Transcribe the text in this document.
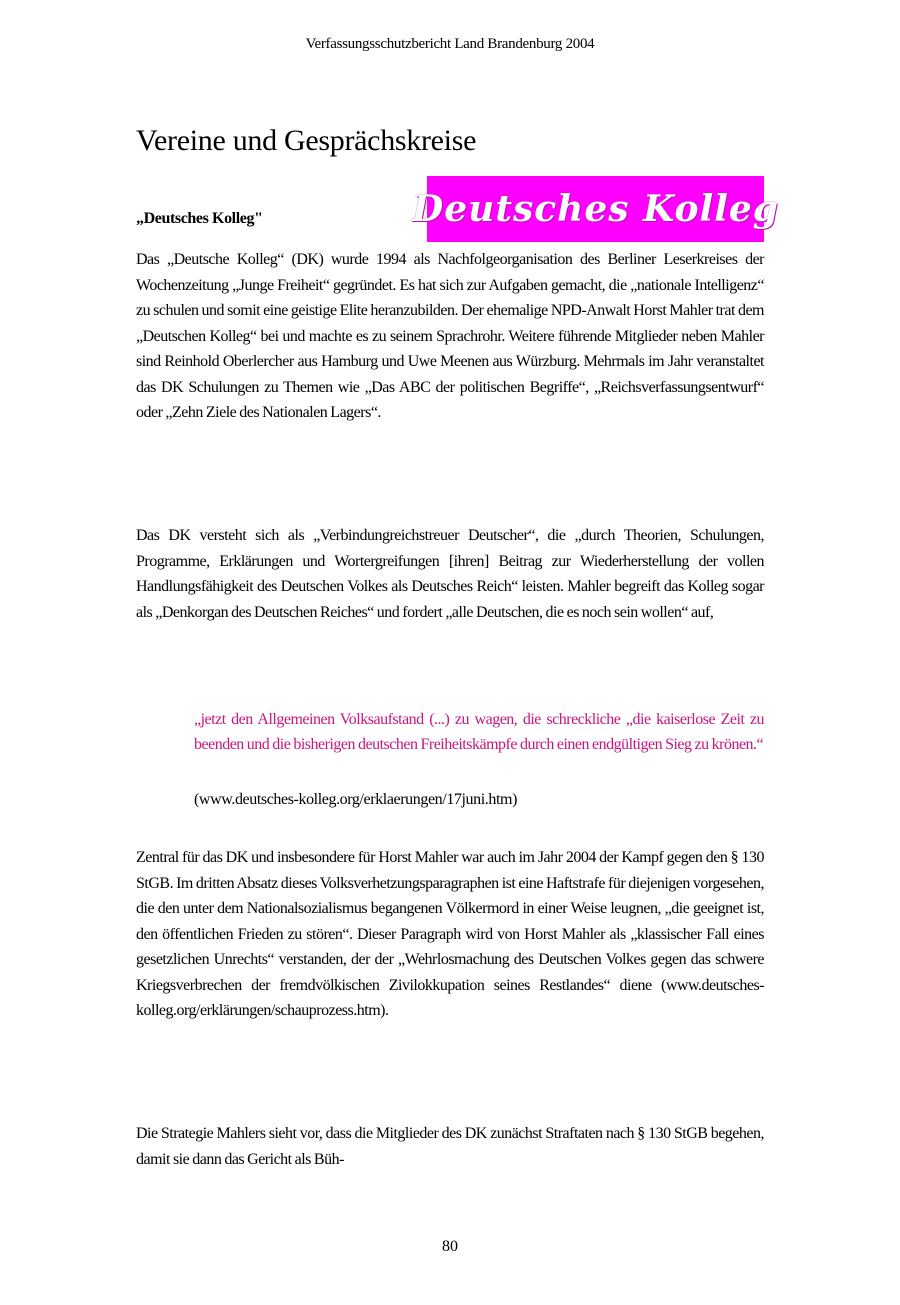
Verfassungsschutzbericht Land Brandenburg 2004
Vereine und Gesprächskreise
Deutsches Kolleg
„Deutsches Kolleg"

Das „Deutsche Kolleg“ (DK) wurde 1994 als Nachfolgeorganisation des Berliner Leserkreises der Wochenzeitung „Junge Freiheit“ gegründet. Es hat sich zur Aufgaben gemacht, die „nationale Intelligenz“ zu schulen und somit eine geistige Elite heranzubilden. Der ehemalige NPD-Anwalt Horst Mahler trat dem „Deutschen Kolleg“ bei und machte es zu seinem Sprachrohr. Weitere führende Mitglieder neben Mahler sind Reinhold Oberlercher aus Hamburg und Uwe Meenen aus Würzburg. Mehrmals im Jahr veranstaltet das DK Schulungen zu Themen wie „Das ABC der politischen Begriffe“, „Reichsverfassungsentwurf“ oder „Zehn Ziele des Nationalen Lagers“.

Das DK versteht sich als „Verbindungreichstreuer Deutscher“, die „durch Theorien, Schulungen, Programme, Erklärungen und Wortergreifungen [ihren] Beitrag zur Wiederherstellung der vollen Handlungsfähigkeit des Deutschen Volkes als Deutsches Reich“ leisten. Mahler begreift das Kolleg sogar als „Denkorgan des Deutschen Reiches“ und fordert „alle Deutschen, die es noch sein wollen“ auf,

„jetzt den Allgemeinen Volksaufstand (...) zu wagen, die schreckliche „die kaiserlose Zeit zu beenden und die bisherigen deutschen Freiheitskämpfe durch einen endgültigen Sieg zu krönen.“

(www.deutsches-kolleg.org/erklaerungen/17juni.htm)

Zentral für das DK und insbesondere für Horst Mahler war auch im Jahr 2004 der Kampf gegen den § 130 StGB. Im dritten Absatz dieses Volksverhetzungsparagraphen ist eine Haftstrafe für diejenigen vorgesehen, die den unter dem Nationalsozialismus begangenen Völkermord in einer Weise leugnen, „die geeignet ist, den öffentlichen Frieden zu stören“. Dieser Paragraph wird von Horst Mahler als „klassischer Fall eines gesetzlichen Unrechts“ verstanden, der der „Wehrlosmachung des Deutschen Volkes gegen das schwere Kriegsverbrechen der fremdvölkischen Zivilokkupation seines Restlandes“ diene (www.deutsches-kolleg.org/erklärungen/schauprozess.htm).

Die Strategie Mahlers sieht vor, dass die Mitglieder des DK zunächst Straftaten nach § 130 StGB begehen, damit sie dann das Gericht als Büh-

80
